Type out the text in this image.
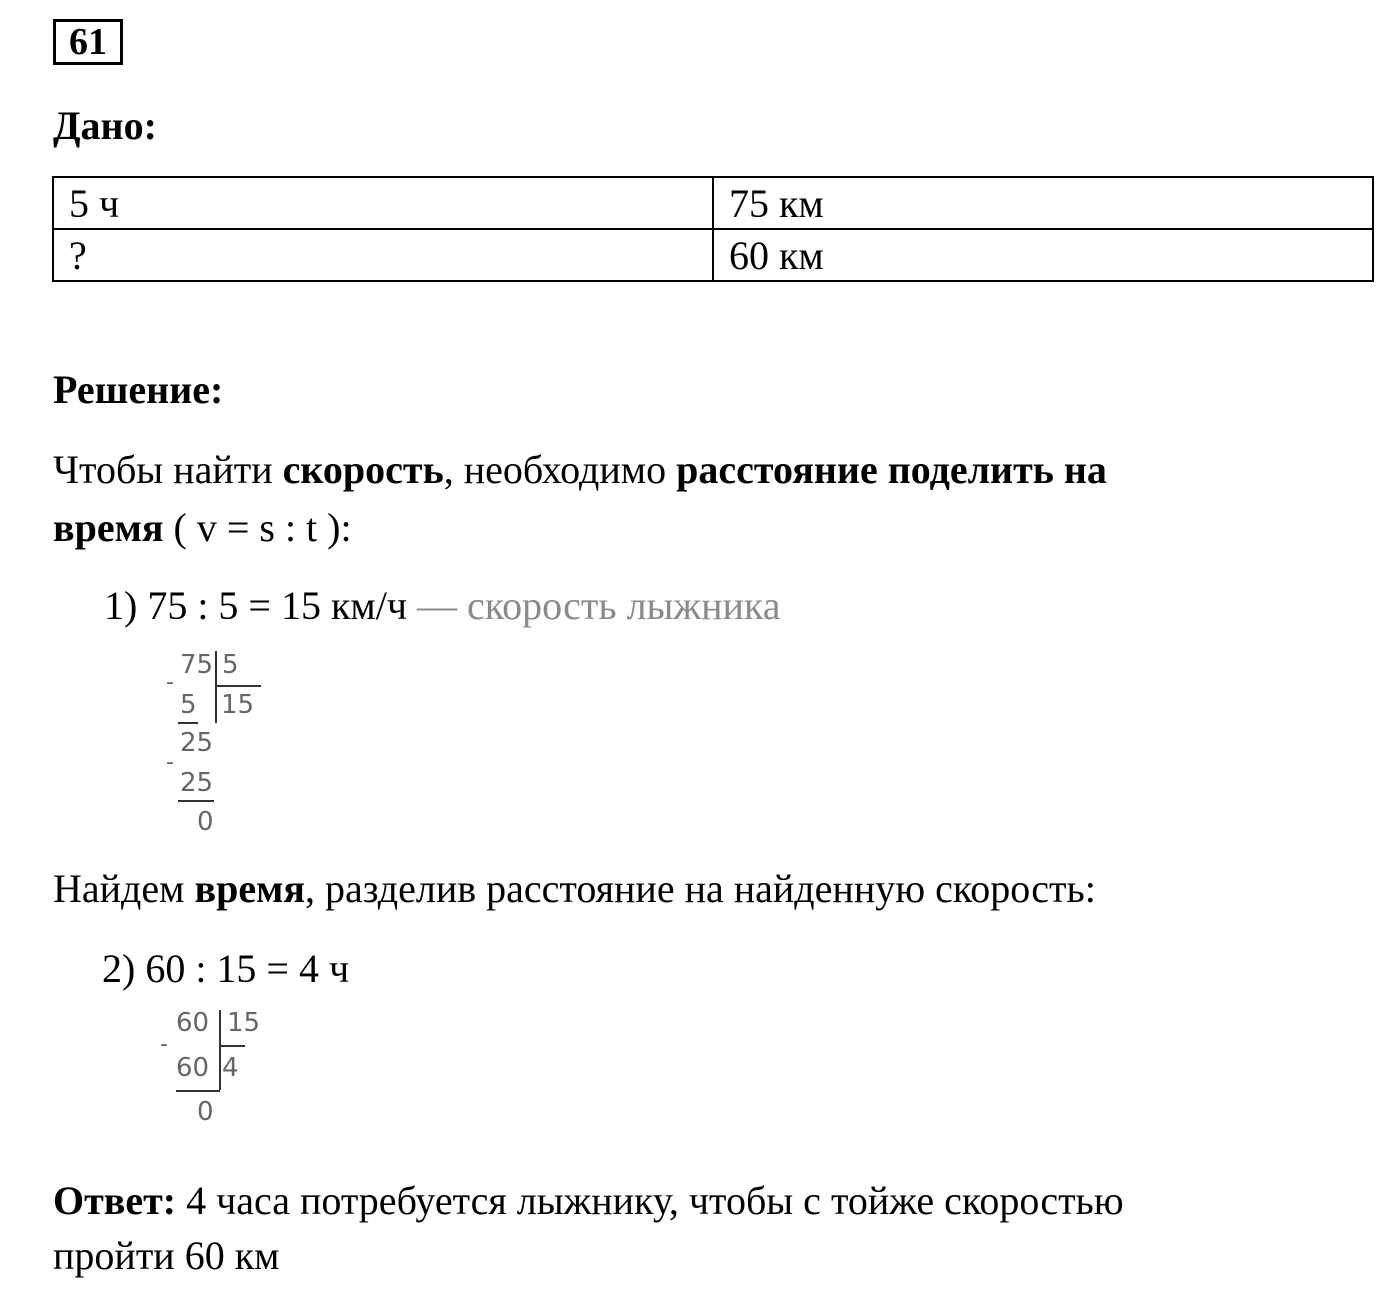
61
Дано:
5 ч	75 км
?	60 км
Решение:
Чтобы найти скорость, необходимо расстояние поделить на
время ( v = s : t ):
1) 75 : 5 = 15 км/ч — скорость лыжника
75 5
-
5 15
25
-
25
0
Найдем время, разделив расстояние на найденную скорость:
2) 60 : 15 = 4 ч
60 15
-
60 4
0
Ответ: 4 часа потребуется лыжнику, чтобы с тойже скоростью
пройти 60 км
